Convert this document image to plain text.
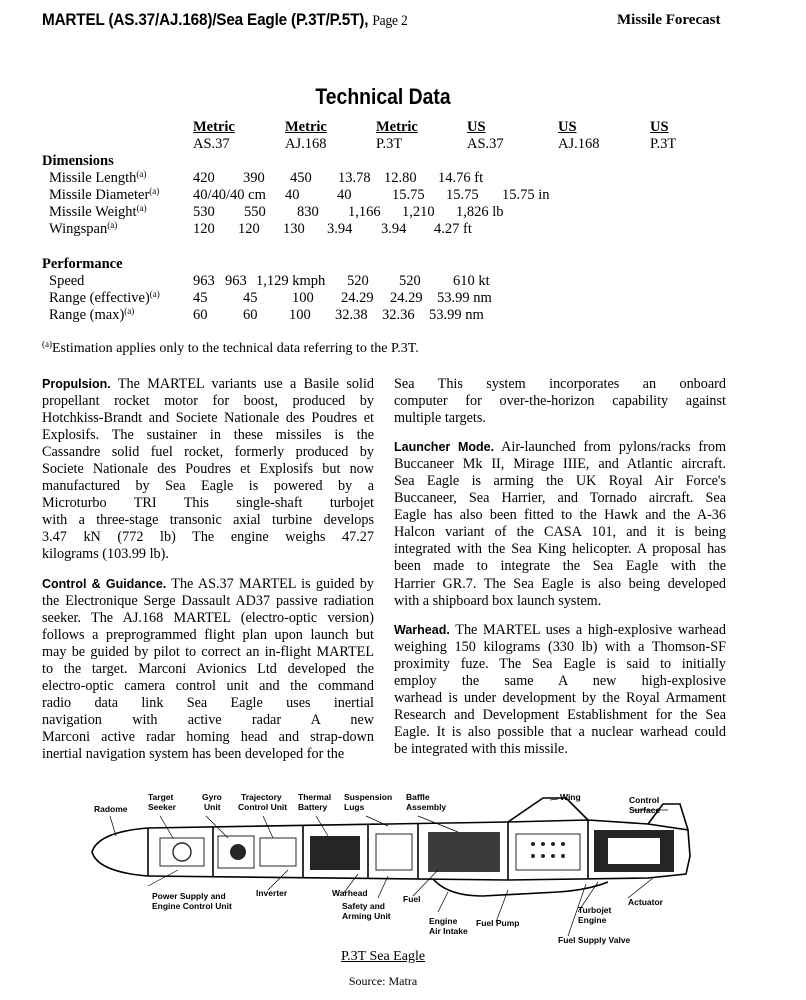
MARTEL (AS.37/AJ.168)/Sea Eagle (P.3T/P.5T), Page 2	Missile Forecast
Technical Data
Metric	Metric	Metric	US	US	US
AS.37	AJ.168	P.3T	AS.37	AJ.168	P.3T
Dimensions
Missile Length$^{(a)}$	420 390 450 13.78 12.80 14.76 ft
Missile Diameter$^{(a)}$ 40/40/40 cm 40	40	15.75 15.75 15.75 in
Missile Weight$^{(a)}$	530 550 830 1,166 1,210 1,826 lb
Wingspan$^{(a)}$	120 120 130 3.94 3.94 4.27 ft
Performance
Speed	963 963 1,129 kmph 520 520 610 kt
Range (effective)$^{(a)}$ 45 45 100 24.29 24.29 53.99 nm
Range $(\max)^{(a)}$	60 60 100 32.38 32.36 53.99 nm
$^{(a)}$Estimation applies only to the technical data referring to the P.3T.

Propulsion. The MARTEL variants use a Basile solid
propellant rocket motor for boost, produced by
Hotchkiss-Brandt and Societe Nationale des Poudres et
Explosifs. The sustainer in these missiles is the
Cassandre solid fuel rocket, formerly produced by
Societe Nationale des Poudres et Explosifs but now
manufactured by Sea Eagle is powered by a
Microturbo TRI This single-shaft turbojet
with a three-stage transonic axial turbine develops
3.47 kN (772 lb) The engine weighs 47.27
kilograms (103.99 lb).

Control & Guidance. The AS.37 MARTEL is guided by
the Electronique Serge Dassault AD37 passive radiation
seeker. The AJ.168 MARTEL (electro-optic version)
follows a preprogrammed flight plan upon launch but
may be guided by pilot to correct an in-flight MARTEL
to the target. Marconi Avionics Ltd developed the
electro-optic camera control unit and the command
radio data link Sea Eagle uses inertial
navigation with active radar A new
Marconi active radar homing head and strap-down
inertial navigation system has been developed for the

Sea This system incorporates an onboard
computer for over-the-horizon capability against
multiple targets.

Launcher Mode. Air-launched from pylons/racks from
Buccaneer Mk II, Mirage IIIE, and Atlantic aircraft.
Sea Eagle is arming the UK Royal Air Force's
Buccaneer, Sea Harrier, and Tornado aircraft. Sea
Eagle has also been fitted to the Hawk and the A-36
Halcon variant of the CASA 101, and it is being
integrated with the Sea King helicopter. A proposal has
been made to integrate the Sea Eagle with the
Harrier GR.7. The Sea Eagle is also being developed
with a shipboard box launch system.

Warhead. The MARTEL uses a high-explosive warhead
weighing 150 kilograms (330 lb) with a Thomson-SF
proximity fuze. The Sea Eagle is said to initially
employ the same A new high-explosive
warhead is under development by the Royal Armament
Research and Development Establishment for the Sea
Eagle. It is also possible that a nuclear warhead could
be integrated with this missile.

Radome
Target
Seeker
Gyro
Unit
Trajectory
Control Unit
Thermal
Battery
Suspension
Lugs
Baffle
Assembly
Wing	Control
Surface
Power Supply and
Engine Control Unit
Inverter	Warhead
Safety and
Arming Unit
Fuel
Engine
Air Intake
Fuel Pump
Turbojet
Engine
Actuator
Fuel Supply Valve
P.3T Sea Eagle
Source: Matra
